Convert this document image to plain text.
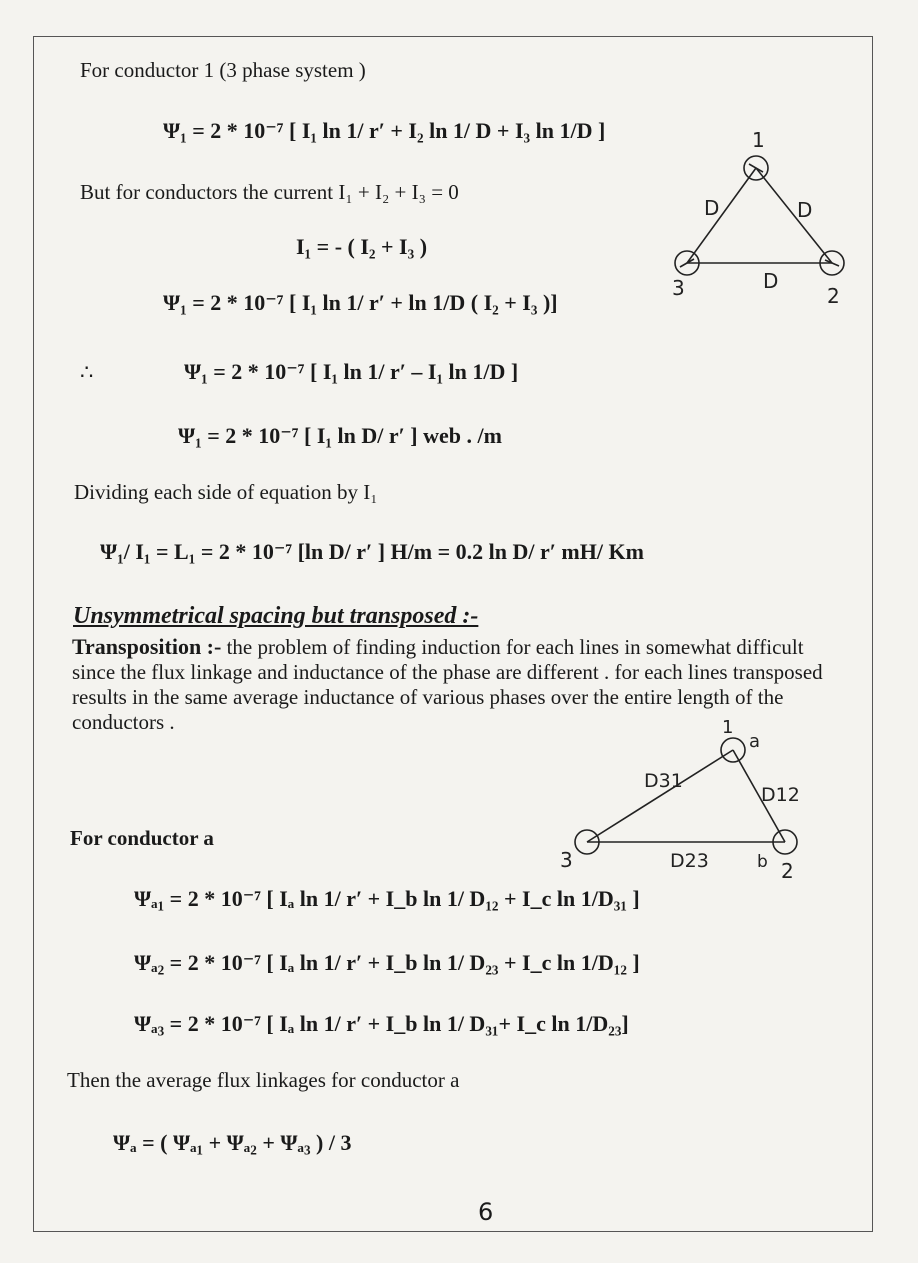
For conductor 1 (3 phase system )
Ψ₁ = 2 * 10⁻⁷ [ I₁ ln 1/ r′ + I₂ ln 1/ D + I₃ ln 1/D ]
But for conductors the current I₁ + I₂ + I₃ = 0
I₁ = - ( I₂ + I₃ )
Ψ₁ = 2 * 10⁻⁷ [ I₁ ln 1/ r′ + ln 1/D ( I₂ + I₃ )]
∴	Ψ₁ = 2 * 10⁻⁷ [ I₁ ln 1/ r′ – I₁ ln 1/D ]
Ψ₁ = 2 * 10⁻⁷ [ I₁ ln D/ r′ ] web . /m
Dividing each side of equation by I₁
Ψ₁/ I₁ = L₁ = 2 * 10⁻⁷ [ln D/ r′ ] H/m = 0.2 ln D/ r′ mH/ Km
Unsymmetrical spacing but transposed :-
Transposition :- the problem of finding induction for each lines in somewhat difficult since the flux linkage and inductance of the phase are different . for each lines transposed results in the same average inductance of various phases over the entire length of the conductors .
For conductor a
Ψₐ₁ = 2 * 10⁻⁷ [ Iₐ ln 1/ r′ + I_b ln 1/ D₁₂ + I_c ln 1/D₃₁ ]
Ψₐ₂ = 2 * 10⁻⁷ [ Iₐ ln 1/ r′ + I_b ln 1/ D₂₃ + I_c ln 1/D₁₂ ]
Ψₐ₃ = 2 * 10⁻⁷ [ Iₐ ln 1/ r′ + I_b ln 1/ D₃₁+ I_c ln 1/D₂₃]
Then the average flux linkages for conductor a
Ψₐ = ( Ψₐ₁ + Ψₐ₂ + Ψₐ₃ ) / 3
6
1
2
3
D	D
D
1
a
2
b
3
D31
D12
D23
